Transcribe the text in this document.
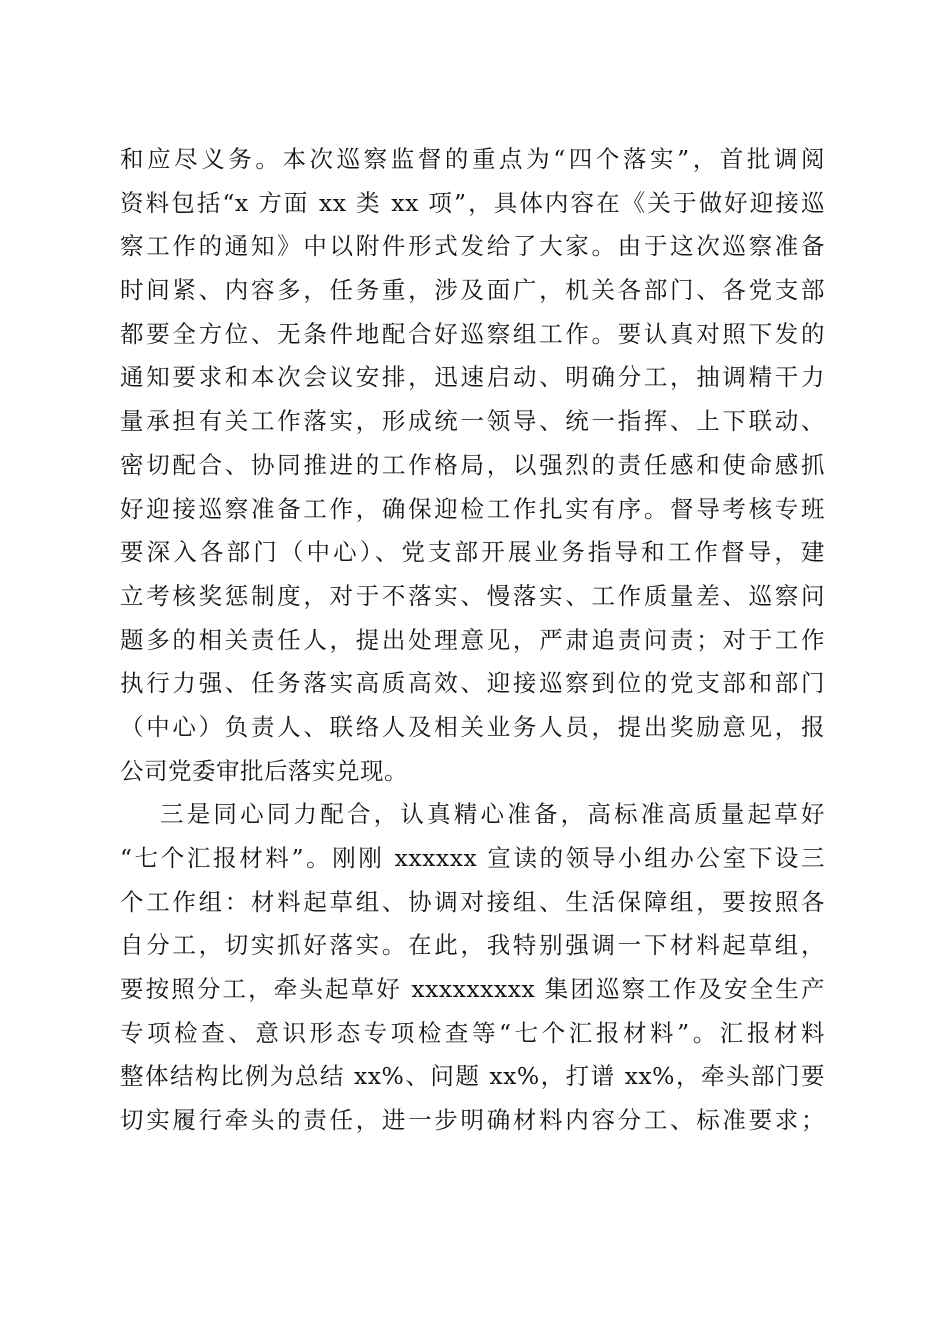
和应尽义务。本次巡察监督的重点为“四个落实”，首批调阅
资料包括“x 方面 xx 类 xx 项”，具体内容在《关于做好迎接巡
察工作的通知》中以附件形式发给了大家。由于这次巡察准备
时间紧、内容多，任务重，涉及面广，机关各部门、各党支部
都要全方位、无条件地配合好巡察组工作。要认真对照下发的
通知要求和本次会议安排，迅速启动、明确分工，抽调精干力
量承担有关工作落实，形成统一领导、统一指挥、上下联动、
密切配合、协同推进的工作格局，以强烈的责任感和使命感抓
好迎接巡察准备工作，确保迎检工作扎实有序。督导考核专班
要深入各部门（中心）、党支部开展业务指导和工作督导，建
立考核奖惩制度，对于不落实、慢落实、工作质量差、巡察问
题多的相关责任人，提出处理意见，严肃追责问责；对于工作
执行力强、任务落实高质高效、迎接巡察到位的党支部和部门
（中心）负责人、联络人及相关业务人员，提出奖励意见，报
公司党委审批后落实兑现。
三是同心同力配合，认真精心准备，高标准高质量起草好
“七个汇报材料”。刚刚 xxxxxx 宣读的领导小组办公室下设三
个工作组：材料起草组、协调对接组、生活保障组，要按照各
自分工，切实抓好落实。在此，我特别强调一下材料起草组，
要按照分工，牵头起草好 xxxxxxxxx 集团巡察工作及安全生产
专项检查、意识形态专项检查等“七个汇报材料”。汇报材料
整体结构比例为总结 xx%、问题 xx%，打谱 xx%，牵头部门要
切实履行牵头的责任，进一步明确材料内容分工、标准要求；
